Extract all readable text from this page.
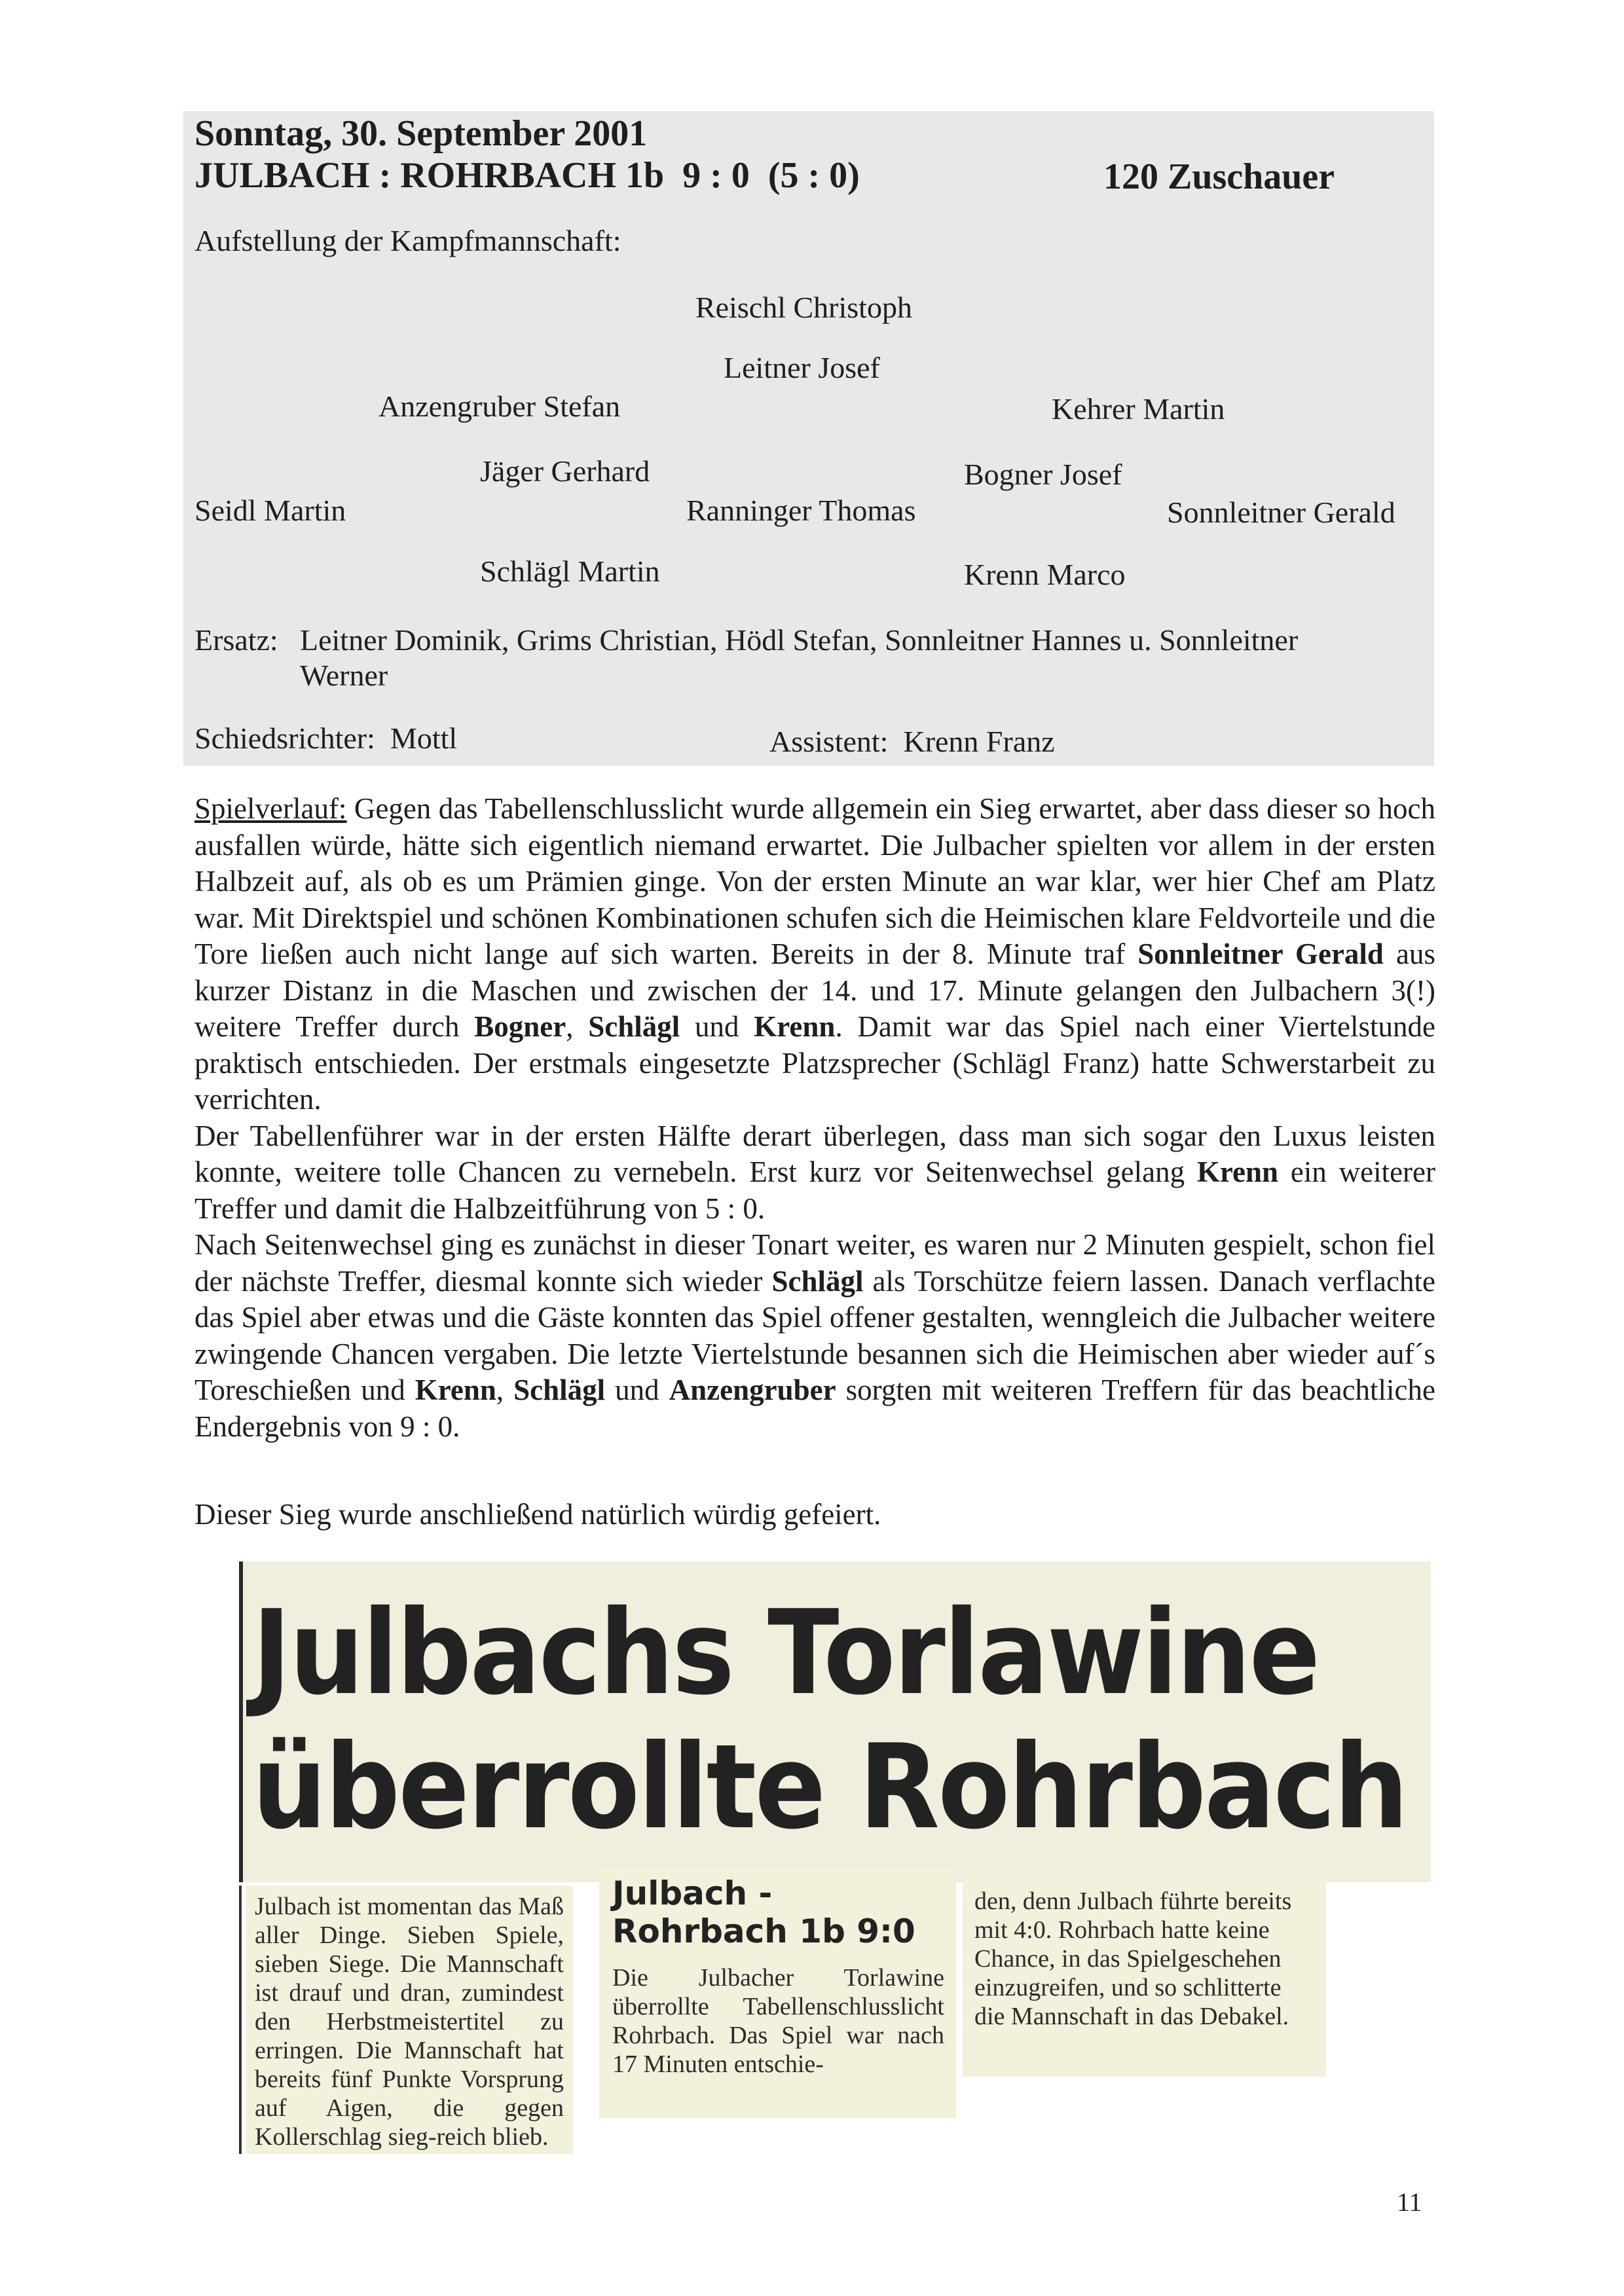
Sonntag, 30. September 2001
JULBACH : ROHRBACH 1b 9 : 0 (5 : 0)	120 Zuschauer
Aufstellung der Kampfmannschaft:
Reischl Christoph
Leitner Josef
Anzengruber Stefan	Kehrer Martin
Jäger Gerhard	Bogner Josef
Seidl Martin	Ranninger Thomas	Sonnleitner Gerald
Schlägl Martin	Krenn Marco
Ersatz: Leitner Dominik, Grims Christian, Hödl Stefan, Sonnleitner Hannes u. Sonnleitner
Werner
Schiedsrichter: Mottl	Assistent: Krenn Franz

Spielverlauf: Gegen das Tabellenschlusslicht wurde allgemein ein Sieg erwartet, aber dass dieser so hoch ausfallen würde, hätte sich eigentlich niemand erwartet. Die Julbacher spielten vor allem in der ersten Halbzeit auf, als ob es um Prämien ginge. Von der ersten Minute an war klar, wer hier Chef am Platz war. Mit Direktspiel und schönen Kombinationen schufen sich die Heimischen klare Feldvorteile und die Tore ließen auch nicht lange auf sich warten. Bereits in der 8. Minute traf Sonnleitner Gerald aus kurzer Distanz in die Maschen und zwischen der 14. und 17. Minute gelangen den Julbachern 3(!) weitere Treffer durch Bogner, Schlägl und Krenn. Damit war das Spiel nach einer Viertelstunde praktisch entschieden. Der erstmals eingesetzte Platzsprecher (Schlägl Franz) hatte Schwerstarbeit zu verrichten.

Der Tabellenführer war in der ersten Hälfte derart überlegen, dass man sich sogar den Luxus leisten konnte, weitere tolle Chancen zu vernebeln. Erst kurz vor Seitenwechsel gelang Krenn ein weiterer Treffer und damit die Halbzeitführung von 5 : 0.

Nach Seitenwechsel ging es zunächst in dieser Tonart weiter, es waren nur 2 Minuten gespielt, schon fiel der nächste Treffer, diesmal konnte sich wieder Schlägl als Torschütze feiern lassen. Danach verflachte das Spiel aber etwas und die Gäste konnten das Spiel offener gestalten, wenngleich die Julbacher weitere zwingende Chancen vergaben. Die letzte Viertelstunde besannen sich die Heimischen aber wieder auf´s Toreschießen und Krenn, Schlägl und Anzengruber sorgten mit weiteren Treffern für das beachtliche Endergebnis von 9 : 0.

Dieser Sieg wurde anschließend natürlich würdig gefeiert.
Julbachs Torlawine
überrollte Rohrbach

Julbach ist momentan das Maß aller Dinge. Sieben Spiele, sieben Siege. Die Mannschaft ist drauf und dran, zumindest den Herbstmeistertitel zu erringen. Die Mannschaft hat bereits fünf Punkte Vorsprung auf Aigen, die gegen Kollerschlag sieg-reich blieb.

Julbach -
Rohrbach 1b 9:0

Die Julbacher Torlawine überrollte Tabellenschlusslicht Rohrbach. Das Spiel war nach 17 Minuten entschie-

den, denn Julbach führte bereits mit 4:0. Rohrbach hatte keine Chance, in das Spielgeschehen einzugreifen, und so schlitterte die Mannschaft in das Debakel.

11
